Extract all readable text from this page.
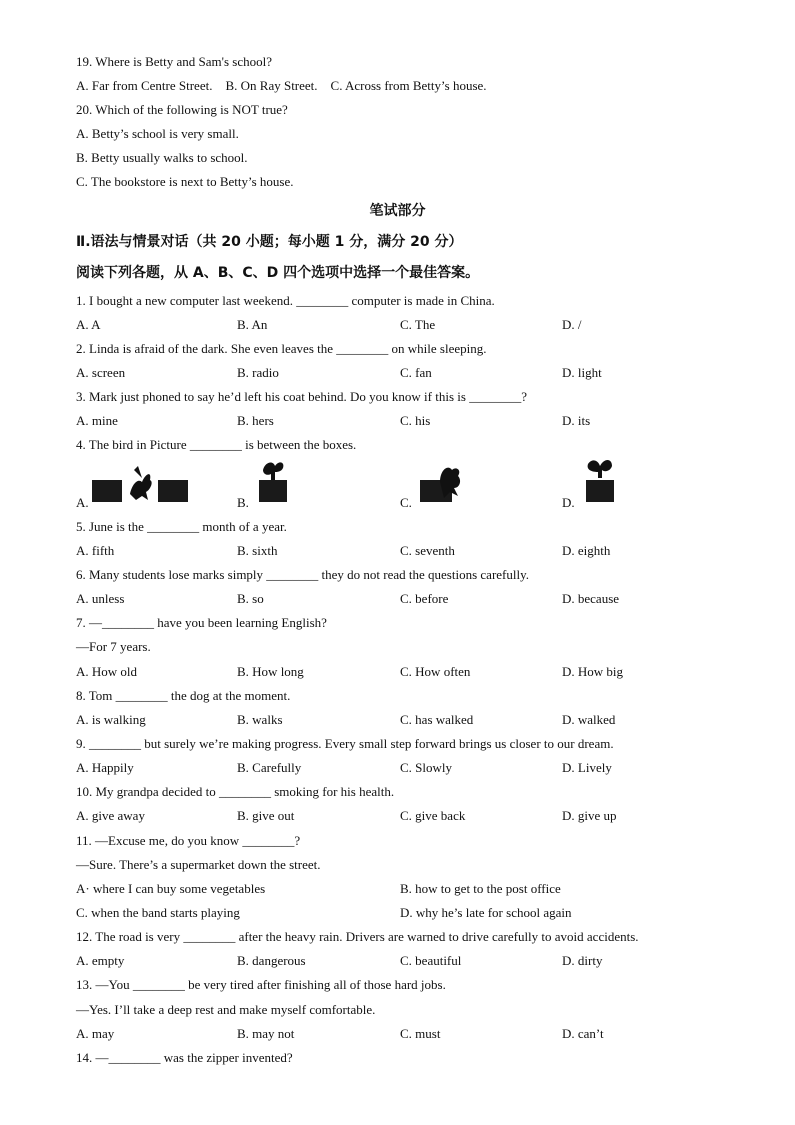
19. Where is Betty and Sam's school?
A. Far from Centre Street.    B. On Ray Street.    C. Across from Betty’s house.
20. Which of the following is NOT true?
A. Betty’s school is very small.
B. Betty usually walks to school.
C. The bookstore is next to Betty’s house.
笔试部分
Ⅱ.语法与情景对话（共 20 小题；每小题 1 分，满分 20 分）
阅读下列各题，从 A、B、C、D 四个选项中选择一个最佳答案。
1. I bought a new computer last weekend. ________ computer is made in China.
A. A	B. An	C. The	D. /
2. Linda is afraid of the dark. She even leaves the ________ on while sleeping.
A. screen	B. radio	C. fan	D. light
3. Mark just phoned to say he’d left his coat behind. Do you know if this is ________?
A. mine	B. hers	C. his	D. its
4. The bird in Picture ________ is between the boxes.
A.	B.	C.	D.
5. June is the ________ month of a year.
A. fifth	B. sixth	C. seventh	D. eighth
6. Many students lose marks simply ________ they do not read the questions carefully.
A. unless	B. so	C. before	D. because
7. —________ have you been learning English?
—For 7 years.
A. How old	B. How long	C. How often	D. How big
8. Tom ________ the dog at the moment.
A. is walking	B. walks	C. has walked	D. walked
9. ________ but surely we’re making progress. Every small step forward brings us closer to our dream.
A. Happily	B. Carefully	C. Slowly	D. Lively
10. My grandpa decided to ________ smoking for his health.
A. give away	B. give out	C. give back	D. give up
11. —Excuse me, do you know ________?
—Sure. There’s a supermarket down the street.
A· where I can buy some vegetables	B. how to get to the post office
C. when the band starts playing	D. why he’s late for school again
12. The road is very ________ after the heavy rain. Drivers are warned to drive carefully to avoid accidents.
A. empty	B. dangerous	C. beautiful	D. dirty
13. —You ________ be very tired after finishing all of those hard jobs.
—Yes. I’ll take a deep rest and make myself comfortable.
A. may	B. may not	C. must	D. can’t
14. —________ was the zipper invented?
